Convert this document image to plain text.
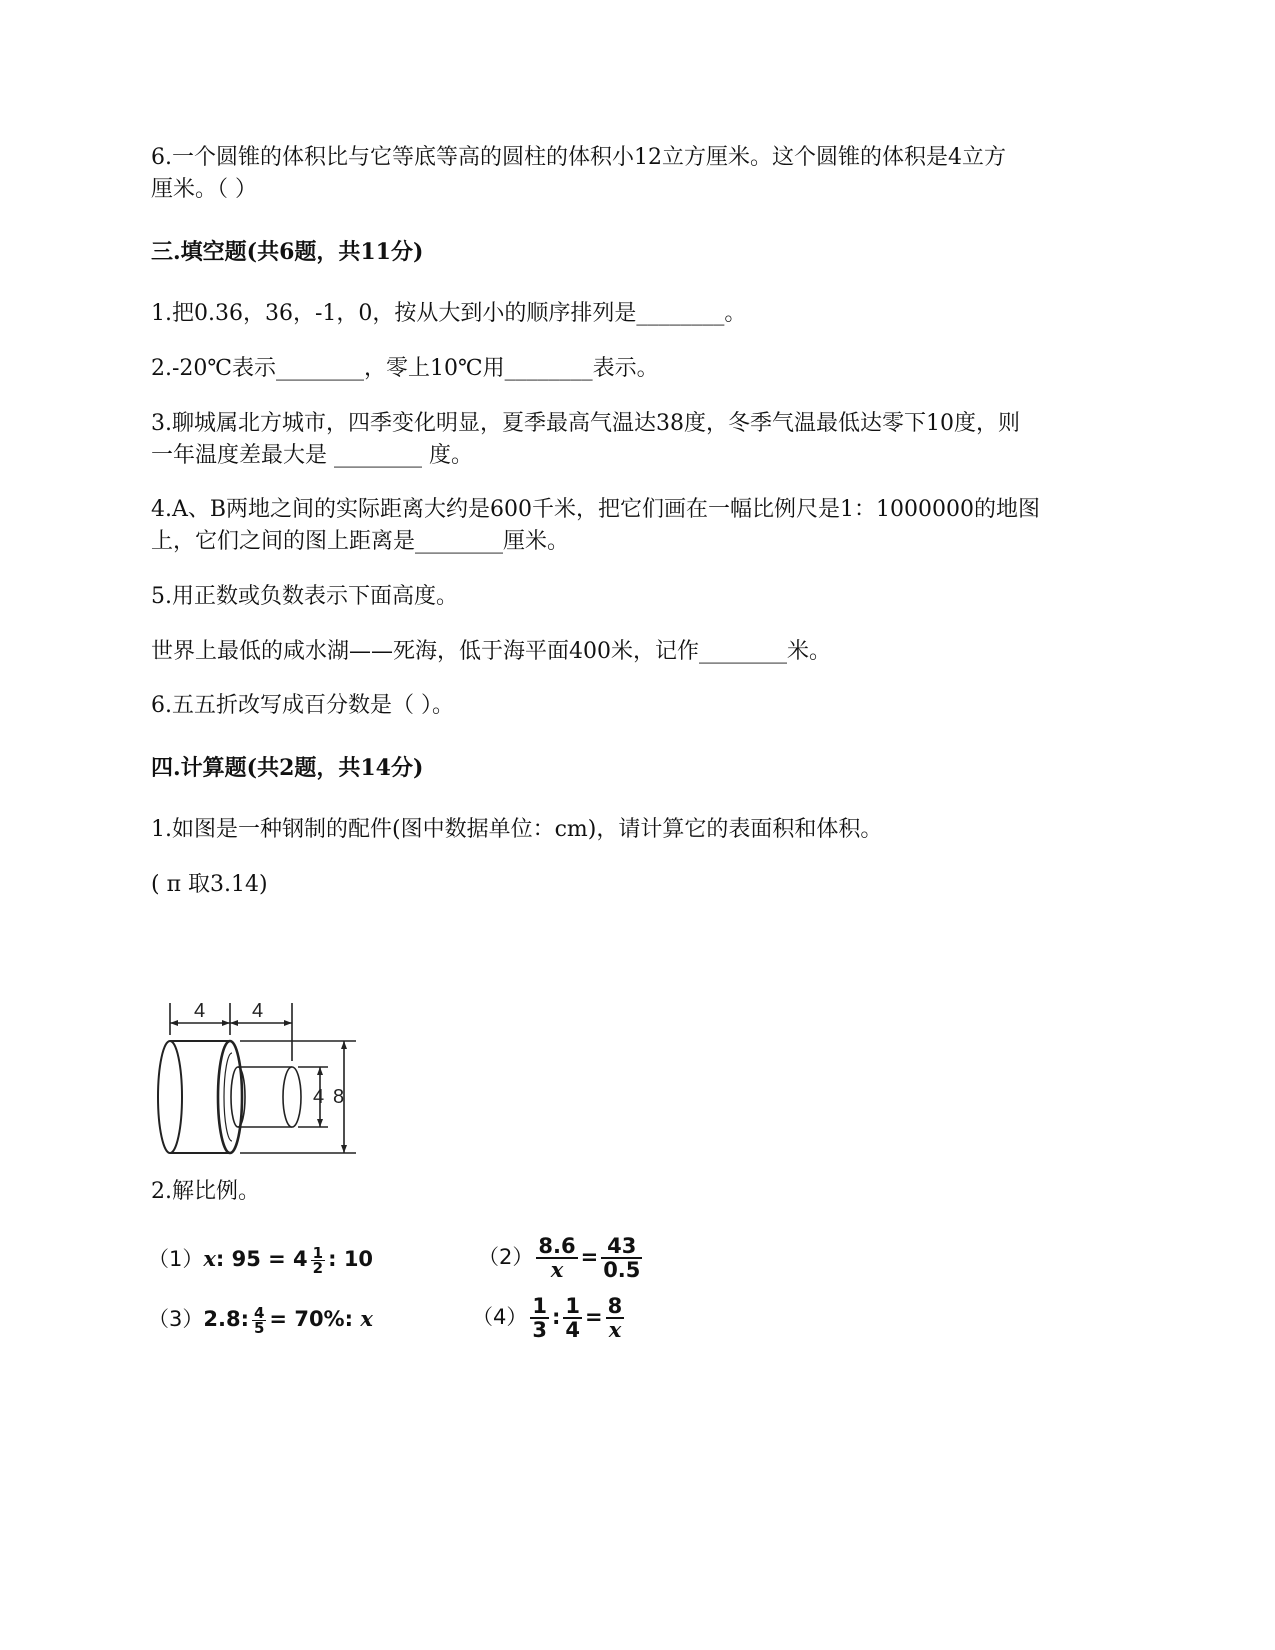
6.一个圆锥的体积比与它等底等高的圆柱的体积小12立方厘米。这个圆锥的体积是4立方
厘米。（ ）
三.填空题(共6题，共11分)
1.把0.36，36，-1，0，按从大到小的顺序排列是________。
2.-20℃表示________，零上10℃用________表示。
3.聊城属北方城市，四季变化明显，夏季最高气温达38度，冬季气温最低达零下10度，则
一年温度差最大是 ________ 度。
4.A、B两地之间的实际距离大约是600千米，把它们画在一幅比例尺是1：1000000的地图
上，它们之间的图上距离是________厘米。
5.用正数或负数表示下面高度。
世界上最低的咸水湖——死海，低于海平面400米，记作________米。
6.五五折改写成百分数是（ ）。
四.计算题(共2题，共14分)
1.如图是一种钢制的配件(图中数据单位：cm)，请计算它的表面积和体积。
( π 取3.14)
4 4
4 8
2.解比例。
（1）x: $95 = 4 \frac{1}{2}$ : 10	$(2) \frac{8.6}{x} = \frac{43}{0.5}$
（3）2.8: $\frac{4}{5} = 70\%$: x	$(4) \frac{1}{3}$ : $\frac{1}{4} = \frac{8}{x}$
